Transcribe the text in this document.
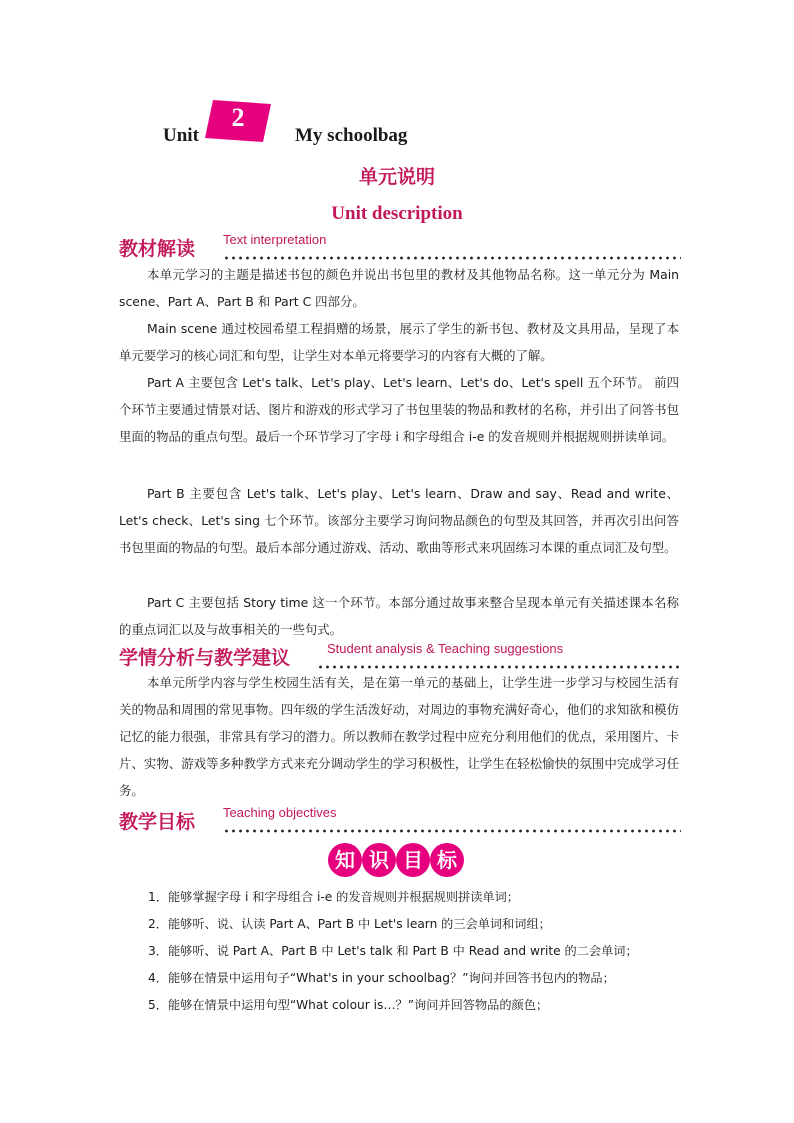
Unit
2
My schoolbag
单元说明
Unit description
教材解读 Text interpretation

本单元学习的主题是描述书包的颜色并说出书包里的教材及其他物品名称。这一单元分为 Main scene、Part A、Part B 和 Part C 四部分。

Main scene 通过校园希望工程捐赠的场景，展示了学生的新书包、教材及文具用品，呈现了本单元要学习的核心词汇和句型，让学生对本单元将要学习的内容有大概的了解。

Part A 主要包含 Let's talk、Let's play、Let's learn、Let's do、Let's spell 五个环节。 前四个环节主要通过情景对话、图片和游戏的形式学习了书包里装的物品和教材的名称，并引出了问答书包里面的物品的重点句型。最后一个环节学习了字母 i 和字母组合 i-e 的发音规则并根据规则拼读单词。

Part B 主要包含 Let's talk、Let's play、Let's learn、Draw and say、Read and write、Let's check、Let's sing 七个环节。该部分主要学习询问物品颜色的句型及其回答，并再次引出问答书包里面的物品的句型。最后本部分通过游戏、活动、歌曲等形式来巩固练习本课的重点词汇及句型。

Part C 主要包括 Story time 这一个环节。本部分通过故事来整合呈现本单元有关描述课本名称的重点词汇以及与故事相关的一些句式。

学情分析与教学建议	Student analysis & Teaching suggestions

本单元所学内容与学生校园生活有关，是在第一单元的基础上，让学生进一步学习与校园生活有关的物品和周围的常见事物。四年级的学生活泼好动，对周边的事物充满好奇心，他们的求知欲和模仿记忆的能力很强，非常具有学习的潜力。所以教师在教学过程中应充分利用他们的优点，采用图片、卡片、实物、游戏等多种教学方式来充分调动学生的学习积极性，让学生在轻松愉快的氛围中完成学习任务。

教学目标 Teaching objectives
知 识 目 标
1．能够掌握字母 i 和字母组合 i-e 的发音规则并根据规则拼读单词；
2．能够听、说、认读 Part A、Part B 中 Let's learn 的三会单词和词组；
3．能够听、说 Part A、Part B 中 Let's talk 和 Part B 中 Read and write 的二会单词；
4．能够在情景中运用句子“What's in your schoolbag？”询问并回答书包内的物品；
5．能够在情景中运用句型“What colour is…？”询问并回答物品的颜色；
